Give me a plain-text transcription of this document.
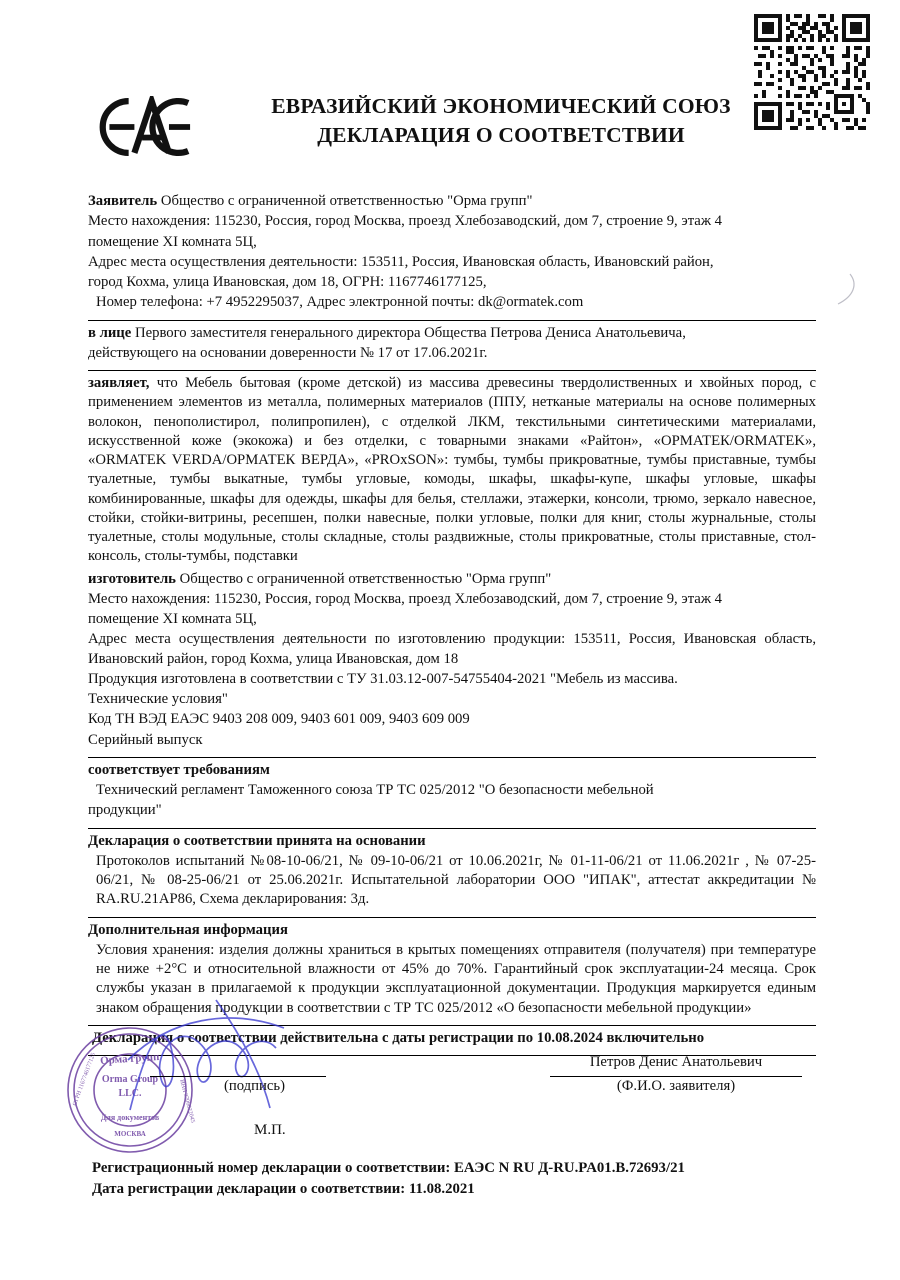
ЕВРАЗИЙСКИЙ ЭКОНОМИЧЕСКИЙ СОЮЗ
ДЕКЛАРАЦИЯ О СООТВЕТСТВИИ

Заявитель Общество с ограниченной ответственностью "Орма групп"

Место нахождения: 115230, Россия, город Москва, проезд Хлебозаводский, дом 7, строение 9, этаж 4

помещение XI комната 5Ц,

Адрес места осуществления деятельности: 153511, Россия, Ивановская область, Ивановский район,

город Кохма, улица Ивановская, дом 18, ОГРН: 1167746177125,

Номер телефона: +7 4952295037, Адрес электронной почты: dk@ormatek.com

в лице Первого заместителя генерального директора Общества Петрова Дениса Анатольевича,

действующего на основании доверенности № 17 от 17.06.2021г.

заявляет, что Мебель бытовая (кроме детской) из массива древесины твердолиственных и хвойных пород, с применением элементов из металла, полимерных материалов (ППУ, нетканые материалы на основе полимерных волокон, пенополистирол, полипропилен), с отделкой ЛКМ, текстильными синтетическими материалами, искусственной коже (экокожа) и без отделки, с товарными знаками «Райтон», «ОРМАТЕК/ORMATEK», «ORMATEK VERDA/ОРМАТЕК ВЕРДА», «PROxSON»: тумбы, тумбы прикроватные, тумбы приставные, тумбы туалетные, тумбы выкатные, тумбы угловые, комоды, шкафы, шкафы-купе, шкафы угловые, шкафы комбинированные, шкафы для одежды, шкафы для белья, стеллажи, этажерки, консоли, трюмо, зеркало навесное, стойки, стойки-витрины, ресепшен, полки навесные, полки угловые, полки для книг, столы журнальные, столы туалетные, столы модульные, столы складные, столы раздвижные, столы прикроватные, столы приставные, стол-консоль, столы-тумбы, подставки

изготовитель Общество с ограниченной ответственностью "Орма групп"

Место нахождения: 115230, Россия, город Москва, проезд Хлебозаводский, дом 7, строение 9, этаж 4

помещение XI комната 5Ц,

Адрес места осуществления деятельности по изготовлению продукции: 153511, Россия, Ивановская область, Ивановский район, город Кохма, улица Ивановская, дом 18

Продукция изготовлена в соответствии с ТУ 31.03.12-007-54755404-2021 "Мебель из массива.

Технические условия"

Код ТН ВЭД ЕАЭС 9403 208 009, 9403 601 009, 9403 609 009

Серийный выпуск

соответствует требованиям

Технический регламент Таможенного союза ТР ТС 025/2012 "О безопасности мебельной

продукции"

Декларация о соответствии принята на основании

Протоколов испытаний №08-10-06/21, № 09-10-06/21 от 10.06.2021г, № 01-11-06/21 от 11.06.2021г , № 07-25-06/21, № 08-25-06/21 от 25.06.2021г. Испытательной лаборатории ООО "ИПАК", аттестат аккредитации № RA.RU.21АР86, Схема декларирования: 3д.

Дополнительная информация

Условия хранения: изделия должны храниться в крытых помещениях отправителя (получателя) при температуре не ниже +2°С и относительной влажности от 45% до 70%. Гарантийный срок эксплуатации-24 месяца. Срок службы указан в прилагаемой к продукции эксплуатационной документации. Продукция маркируется единым знаком обращения продукции в соответствии с ТР ТС 025/2012 «О безопасности мебельной продукции»

Декларация о соответствии действительна с даты регистрации по 10.08.2024 включительно

Орма групп
Orma Group
LLC.
Для документов
МОСКВА
ОГРН 1167746177125	ИНН 3706022045 (подпись)
Петров Денис Анатольевич
(Ф.И.О. заявителя)
М.П.
Регистрационный номер декларации о соответствии: ЕАЭС N RU Д-RU.PA01.B.72693/21
Дата регистрации декларации о соответствии: 11.08.2021
